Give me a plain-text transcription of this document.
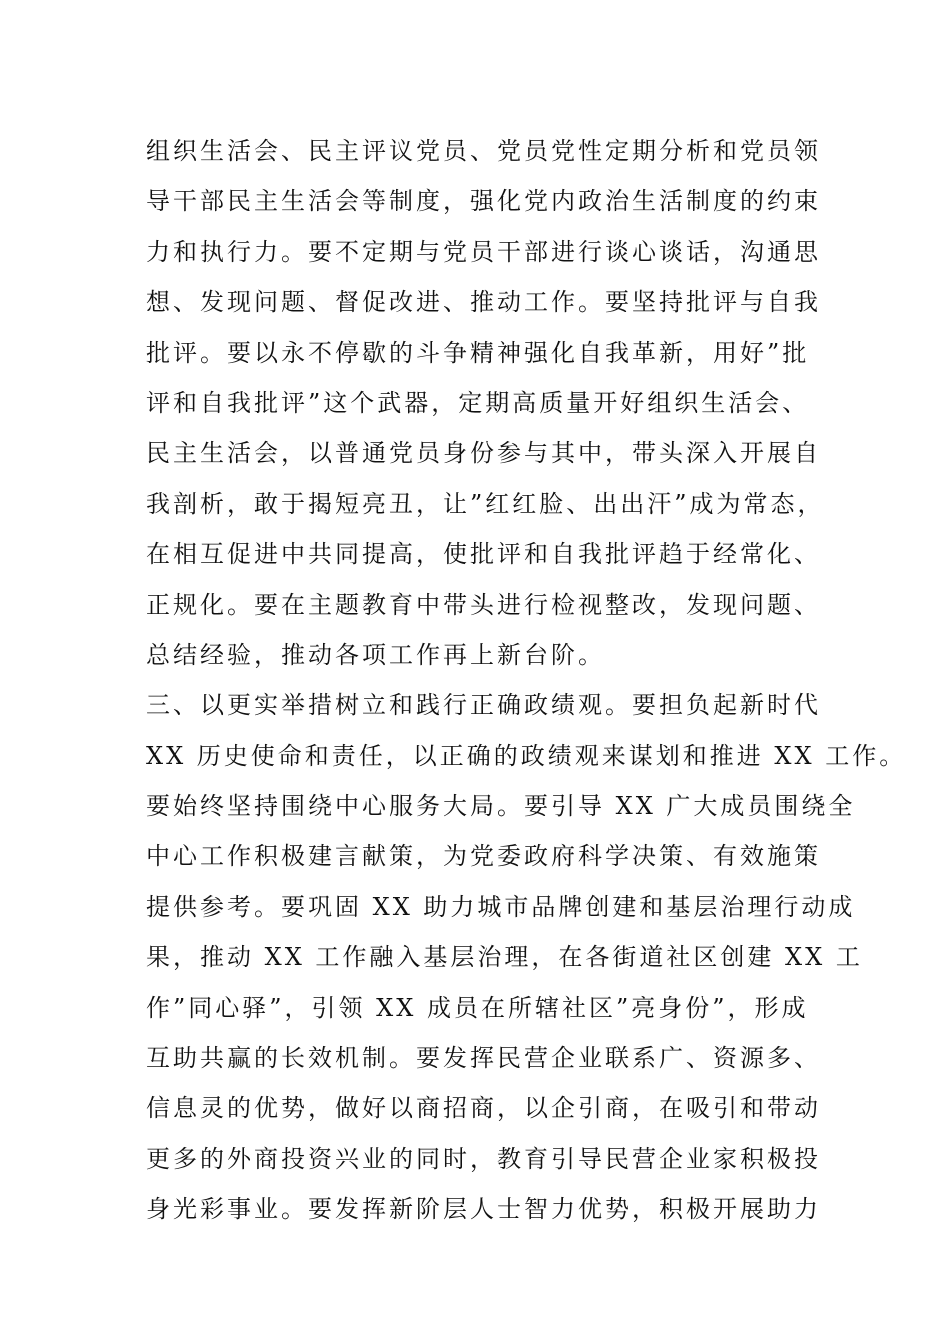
组织生活会、民主评议党员、党员党性定期分析和党员领
导干部民主生活会等制度，强化党内政治生活制度的约束
力和执行力。要不定期与党员干部进行谈心谈话，沟通思
想、发现问题、督促改进、推动工作。要坚持批评与自我
批评。要以永不停歇的斗争精神强化自我革新，用好”批
评和自我批评”这个武器，定期高质量开好组织生活会、
民主生活会，以普通党员身份参与其中，带头深入开展自
我剖析，敢于揭短亮丑，让”红红脸、出出汗”成为常态，
在相互促进中共同提高，使批评和自我批评趋于经常化、
正规化。要在主题教育中带头进行检视整改，发现问题、
总结经验，推动各项工作再上新台阶。
三、以更实举措树立和践行正确政绩观。要担负起新时代
XX 历史使命和责任，以正确的政绩观来谋划和推进 XX 工作。
要始终坚持围绕中心服务大局。要引导 XX 广大成员围绕全
中心工作积极建言献策，为党委政府科学决策、有效施策
提供参考。要巩固 XX 助力城市品牌创建和基层治理行动成
果，推动 XX 工作融入基层治理，在各街道社区创建 XX 工
作”同心驿”，引领 XX 成员在所辖社区”亮身份”，形成
互助共赢的长效机制。要发挥民营企业联系广、资源多、
信息灵的优势，做好以商招商，以企引商，在吸引和带动
更多的外商投资兴业的同时，教育引导民营企业家积极投
身光彩事业。要发挥新阶层人士智力优势，积极开展助力
